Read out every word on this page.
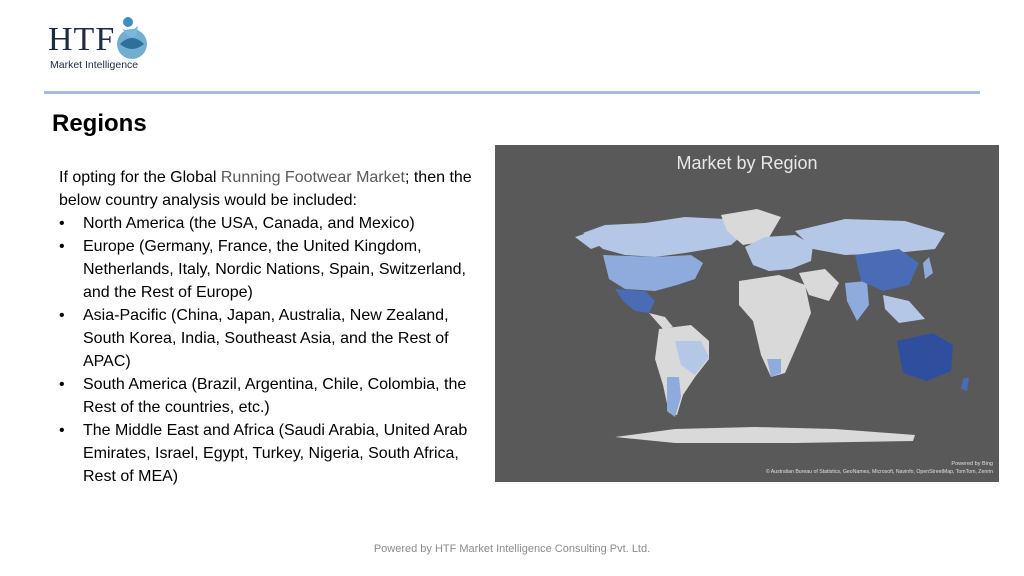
HTF
Market Intelligence
Regions
If opting for the Global Running Footwear Market; then the below country analysis would be included:
• North America (the USA, Canada, and Mexico)
• Europe (Germany, France, the United Kingdom, Netherlands, Italy, Nordic Nations, Spain, Switzerland, and the Rest of Europe)
• Asia-Pacific (China, Japan, Australia, New Zealand, South Korea, India, Southeast Asia, and the Rest of APAC)
• South America (Brazil, Argentina, Chile, Colombia, the Rest of the countries, etc.)
• The Middle East and Africa (Saudi Arabia, United Arab Emirates, Israel, Egypt, Turkey, Nigeria, South Africa, Rest of MEA)
Market by Region
Powered by Bing
© Australian Bureau of Statistics, GeoNames, Microsoft, Navinfo, OpenStreetMap, TomTom, Zenrin
Powered by HTF Market Intelligence Consulting Pvt. Ltd.
